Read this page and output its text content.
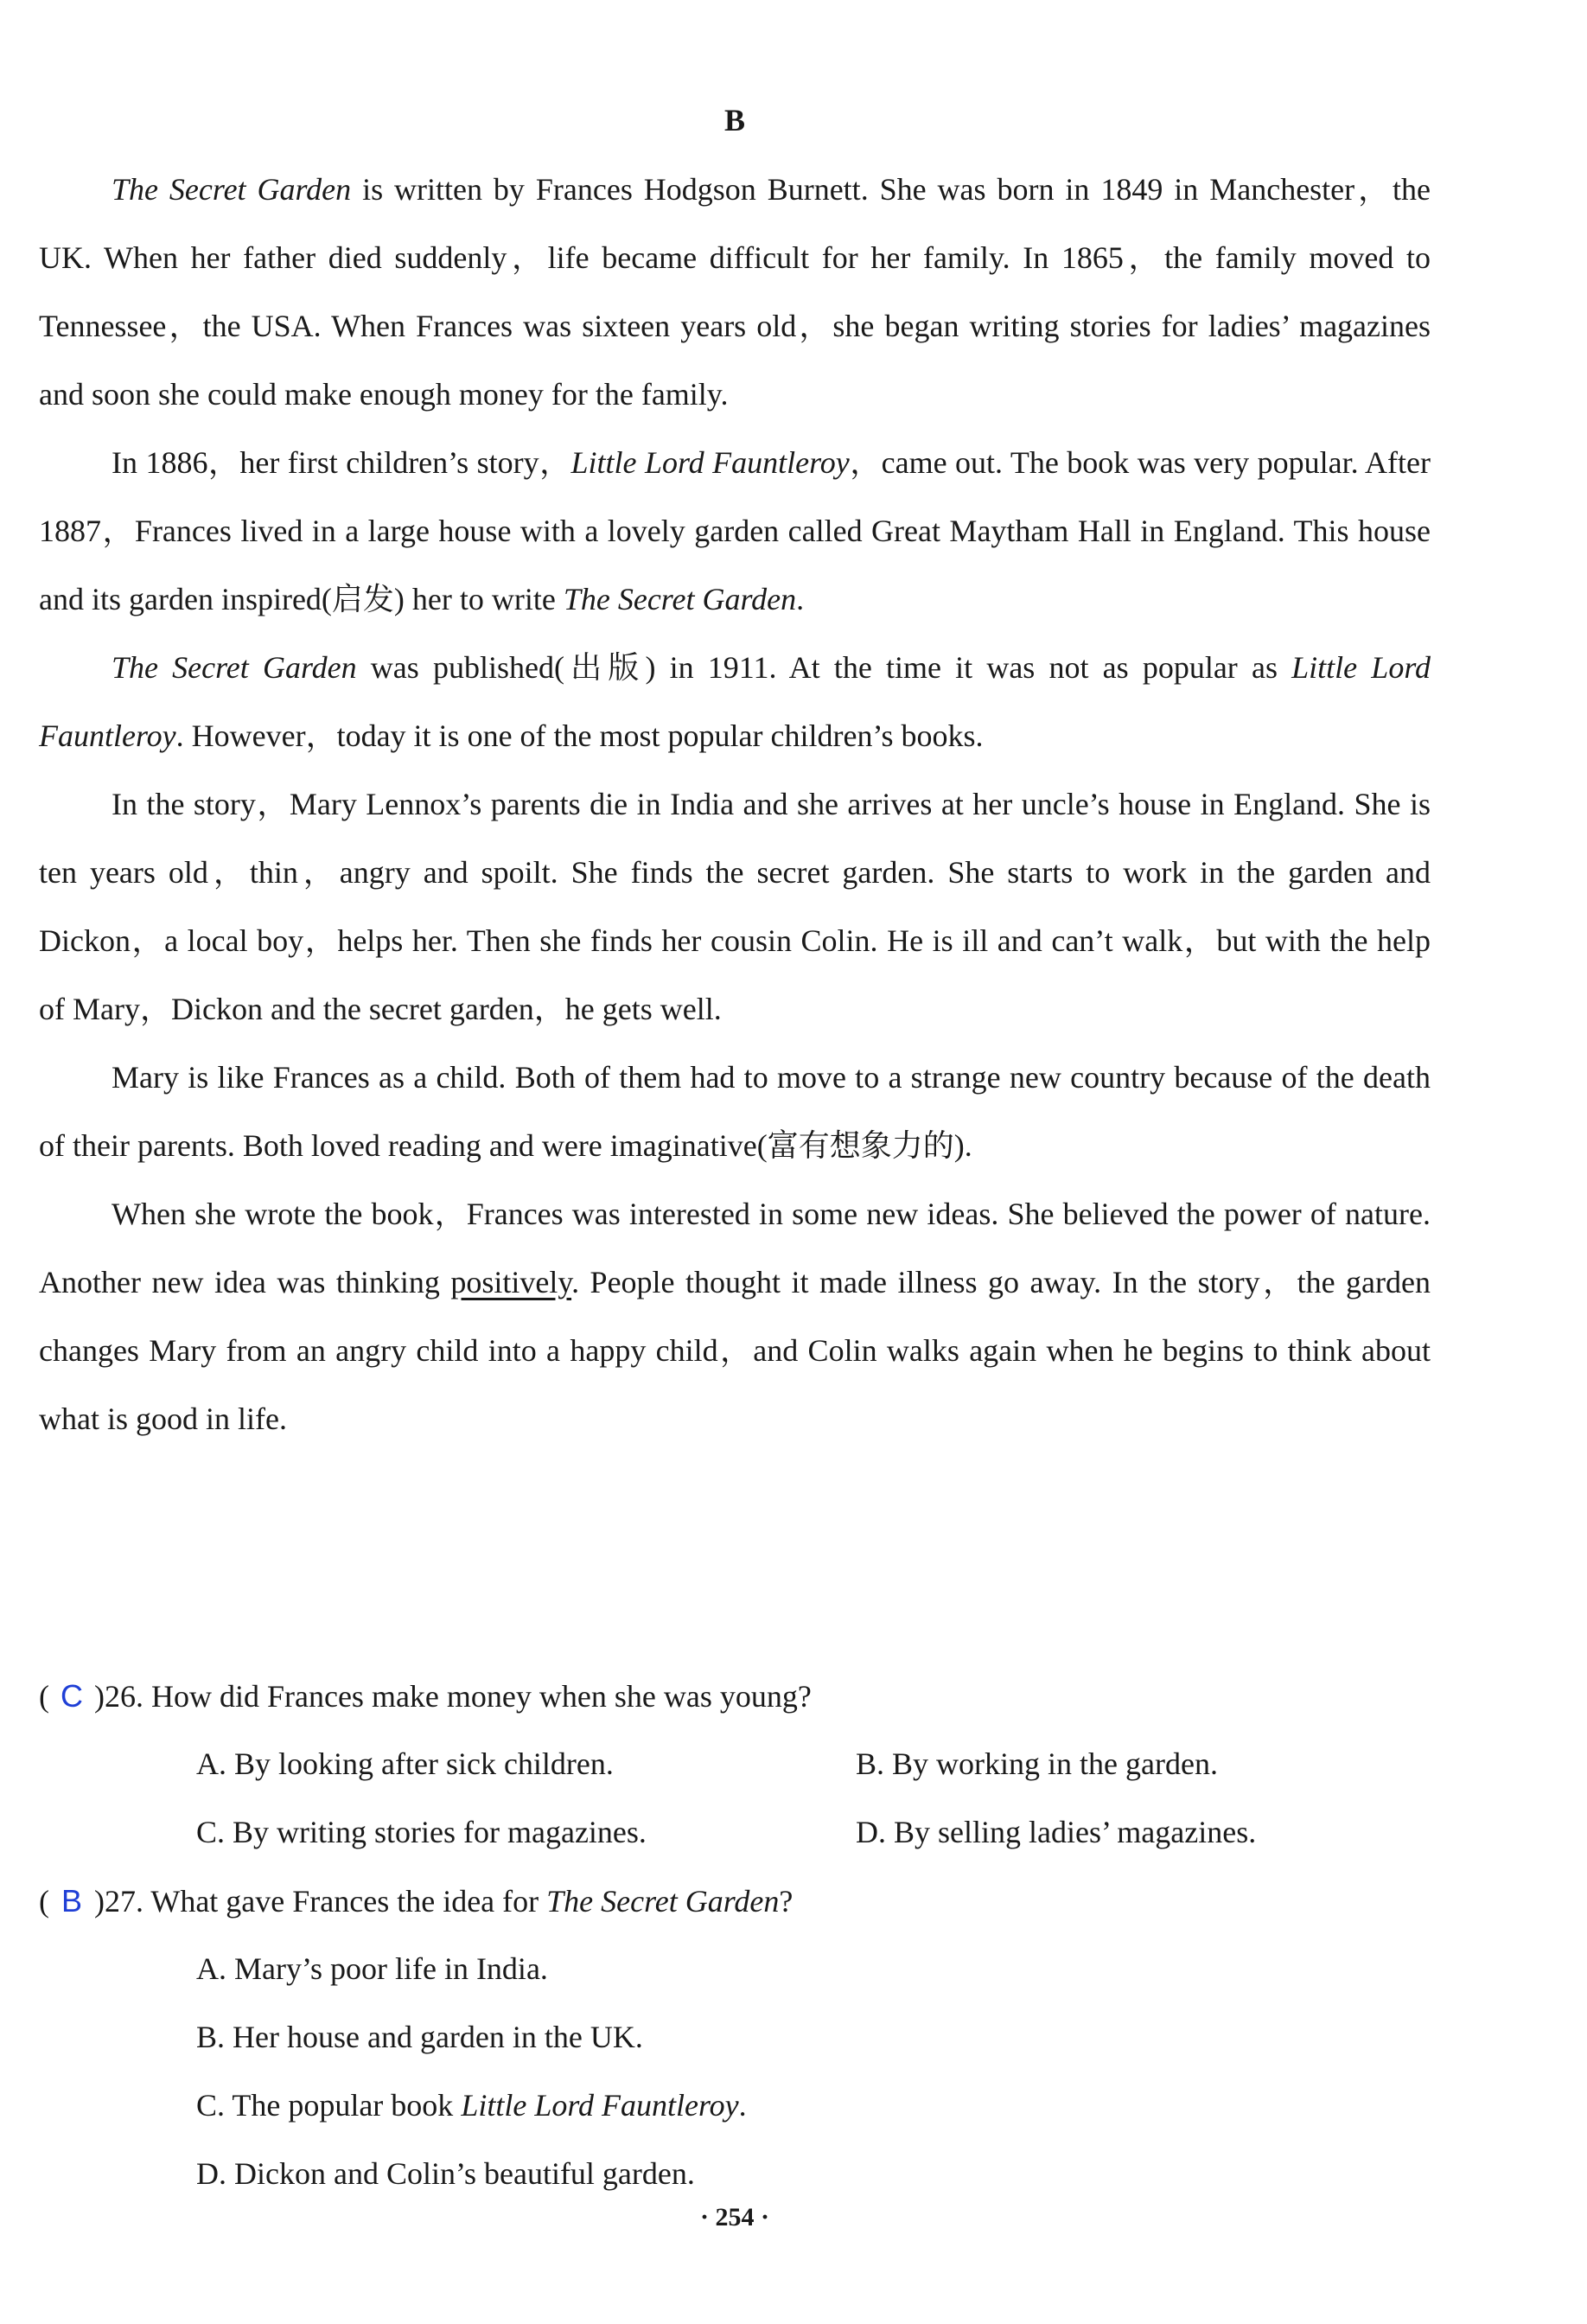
B

The Secret Garden is written by Frances Hodgson Burnett. She was born in 1849 in Manchester，the UK. When her father died suddenly，life became difficult for her family. In 1865，the family moved to Tennessee，the USA. When Frances was sixteen years old，she began writing stories for ladies’ magazines and soon she could make enough money for the family.

In 1886，her first children’s story，Little Lord Fauntleroy，came out. The book was very popular. After 1887，Frances lived in a large house with a lovely garden called Great Maytham Hall in England. This house and its garden inspired(启发) her to write The Secret Garden.

The Secret Garden was published(出版) in 1911. At the time it was not as popular as Little Lord Fauntleroy. However，today it is one of the most popular children’s books.

In the story，Mary Lennox’s parents die in India and she arrives at her uncle’s house in England. She is ten years old，thin，angry and spoilt. She finds the secret garden. She starts to work in the garden and Dickon，a local boy，helps her. Then she finds her cousin Colin. He is ill and can’t walk，but with the help of Mary，Dickon and the secret garden，he gets well.

Mary is like Frances as a child. Both of them had to move to a strange new country because of the death of their parents. Both loved reading and were imaginative(富有想象力的).

When she wrote the book，Frances was interested in some new ideas. She believed the power of nature. Another new idea was thinking positively. People thought it made illness go away. In the story，the garden changes Mary from an angry child into a happy child，and Colin walks again when he begins to think about what is good in life.

( C )26. How did Frances make money when she was young?
A. By looking after sick children.	B. By working in the garden.
C. By writing stories for magazines.	D. By selling ladies’ magazines.
( B )27. What gave Frances the idea for The Secret Garden?
A. Mary’s poor life in India.
B. Her house and garden in the UK.
C. The popular book Little Lord Fauntleroy.
D. Dickon and Colin’s beautiful garden.
· 254 ·
